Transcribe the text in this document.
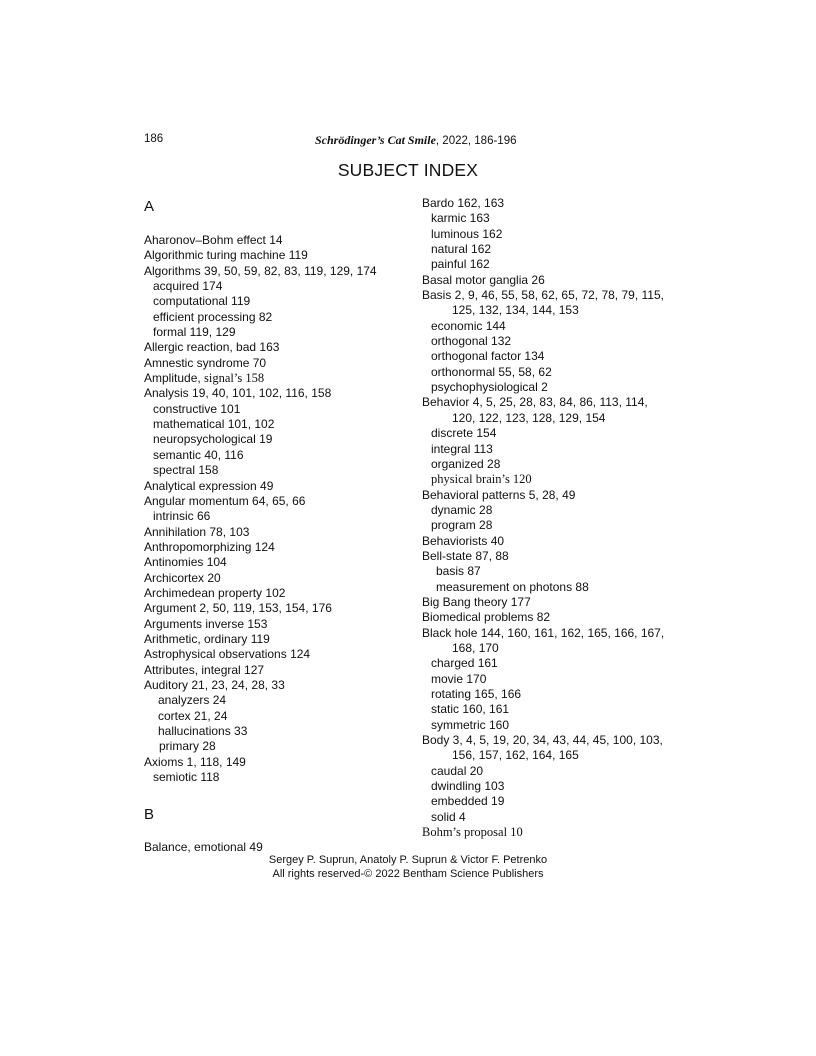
186	Schrödinger’s Cat Smile, 2022, 186-196
SUBJECT INDEX
A
Aharonov–Bohm effect 14
Algorithmic turing machine 119
Algorithms 39, 50, 59, 82, 83, 119, 129, 174
acquired 174
computational 119
efficient processing 82
formal 119, 129
Allergic reaction, bad 163
Amnestic syndrome 70
Amplitude, signal’s 158
Analysis 19, 40, 101, 102, 116, 158
constructive 101
mathematical 101, 102
neuropsychological 19
semantic 40, 116
spectral 158
Analytical expression 49
Angular momentum 64, 65, 66
intrinsic 66
Annihilation 78, 103
Anthropomorphizing 124
Antinomies 104
Archicortex 20
Archimedean property 102
Argument 2, 50, 119, 153, 154, 176
Arguments inverse 153
Arithmetic, ordinary 119
Astrophysical observations 124
Attributes, integral 127
Auditory 21, 23, 24, 28, 33
analyzers 24
cortex 21, 24
hallucinations 33
primary 28
Axioms 1, 118, 149
semiotic 118
B
Balance, emotional 49
Bardo 162, 163
karmic 163
luminous 162
natural 162
painful 162
Basal motor ganglia 26
Basis 2, 9, 46, 55, 58, 62, 65, 72, 78, 79, 115,
125, 132, 134, 144, 153
economic 144
orthogonal 132
orthogonal factor 134
orthonormal 55, 58, 62
psychophysiological 2
Behavior 4, 5, 25, 28, 83, 84, 86, 113, 114,
120, 122, 123, 128, 129, 154
discrete 154
integral 113
organized 28
physical brain’s 120
Behavioral patterns 5, 28, 49
dynamic 28
program 28
Behaviorists 40
Bell-state 87, 88
basis 87
measurement on photons 88
Big Bang theory 177
Biomedical problems 82
Black hole 144, 160, 161, 162, 165, 166, 167,
168, 170
charged 161
movie 170
rotating 165, 166
static 160, 161
symmetric 160
Body 3, 4, 5, 19, 20, 34, 43, 44, 45, 100, 103,
156, 157, 162, 164, 165
caudal 20
dwindling 103
embedded 19
solid 4
Bohm’s proposal 10
Sergey P. Suprun, Anatoly P. Suprun & Victor F. Petrenko
All rights reserved-© 2022 Bentham Science Publishers
